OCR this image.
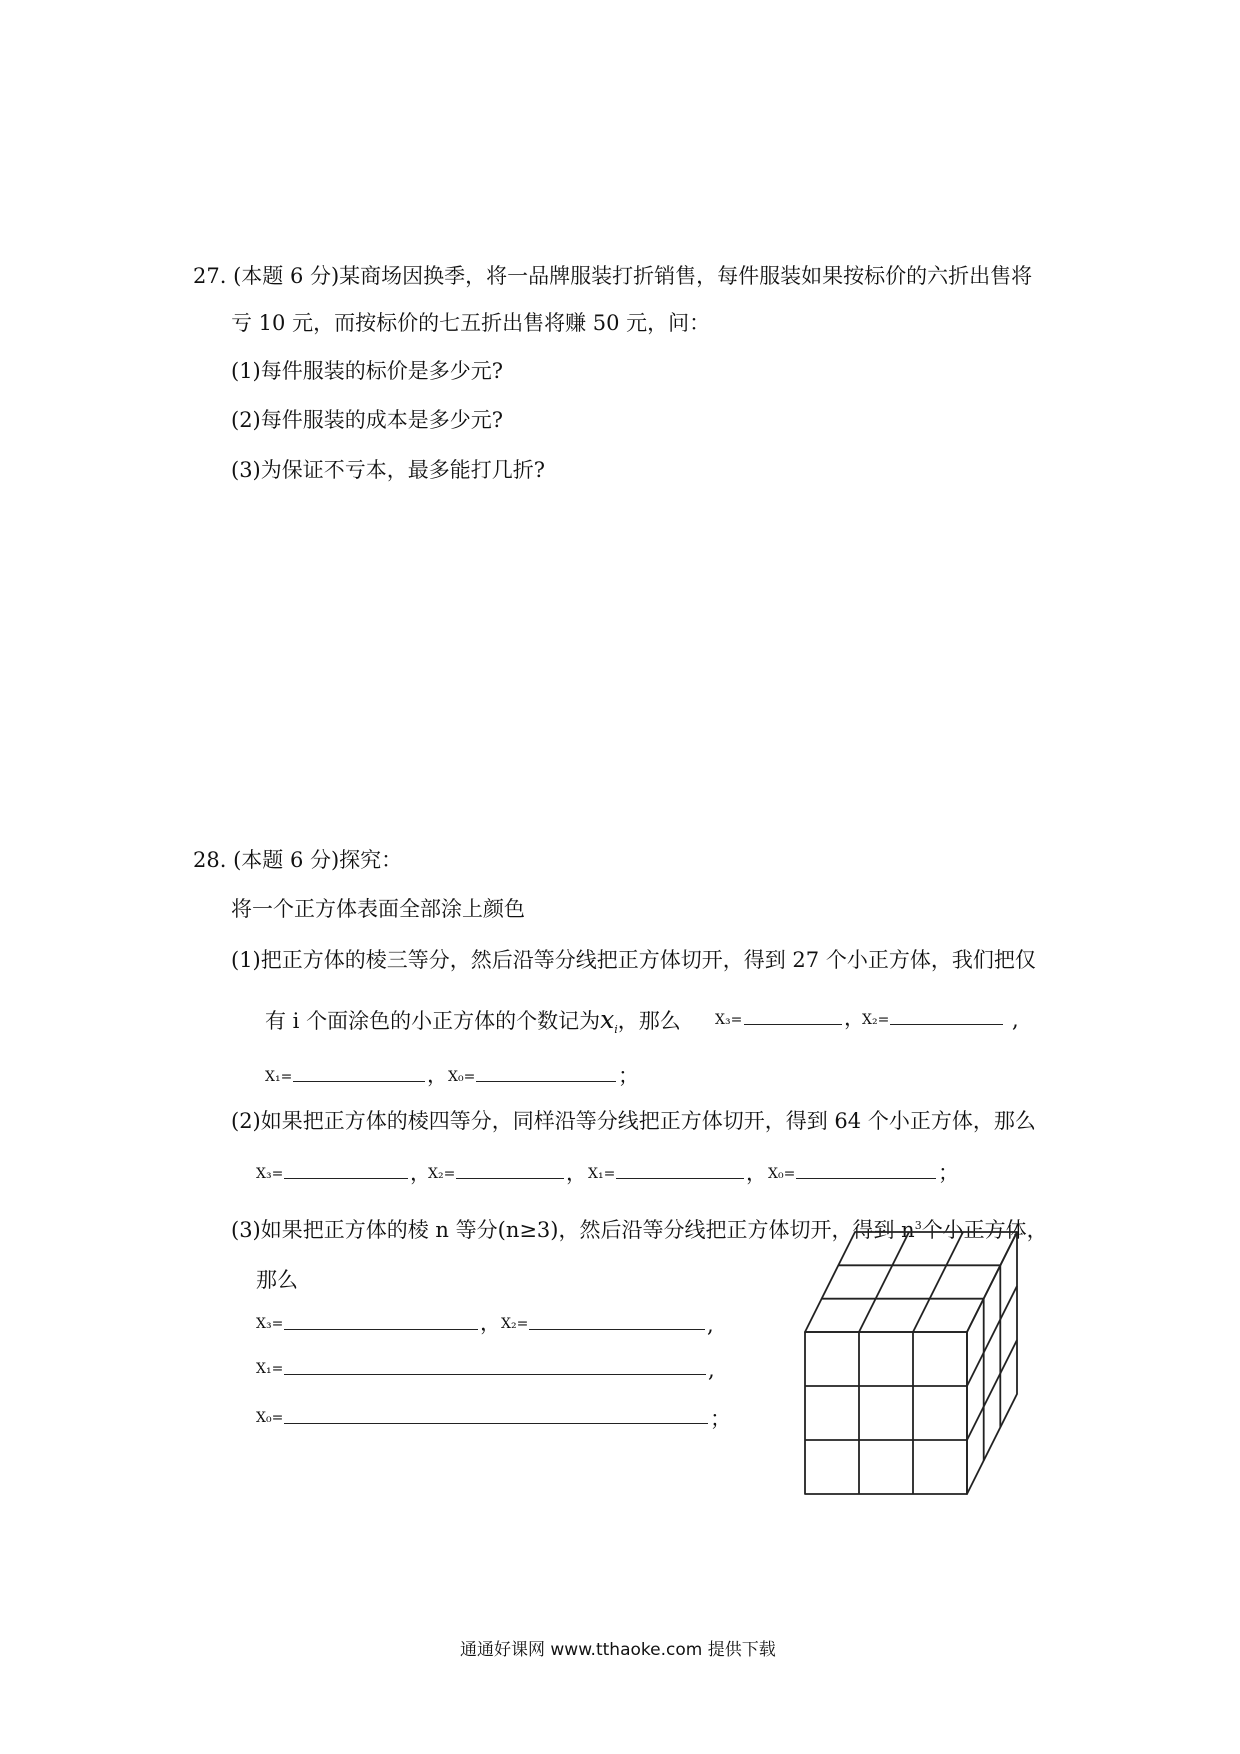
27. (本题 6 分)某商场因换季，将一品牌服装打折销售，每件服装如果按标价的六折出售将
亏 10 元，而按标价的七五折出售将赚 50 元，问：
(1)每件服装的标价是多少元?
(2)每件服装的成本是多少元?
(3)为保证不亏本，最多能打几折?
28. (本题 6 分)探究：
将一个正方体表面全部涂上颜色
(1)把正方体的棱三等分，然后沿等分线把正方体切开，得到 27 个小正方体，我们把仅
有 i 个面涂色的小正方体的个数记为$x_i$，那么 X₃=	，
X₂=	,
X₁=	， X₀=	；
(2)如果把正方体的棱四等分，同样沿等分线把正方体切开，得到 64 个小正方体，那么
X₃=	，
X₂=	， X₁=	， X₀=	；
(3)如果把正方体的棱 n 等分(n≥3)，然后沿等分线把正方体切开，得到 $n^3$个小正方体，
那么
X₃=	， X₂=	,
X₁=	,
X₀=	；
通通好课网 www.tthaoke.com 提供下载
